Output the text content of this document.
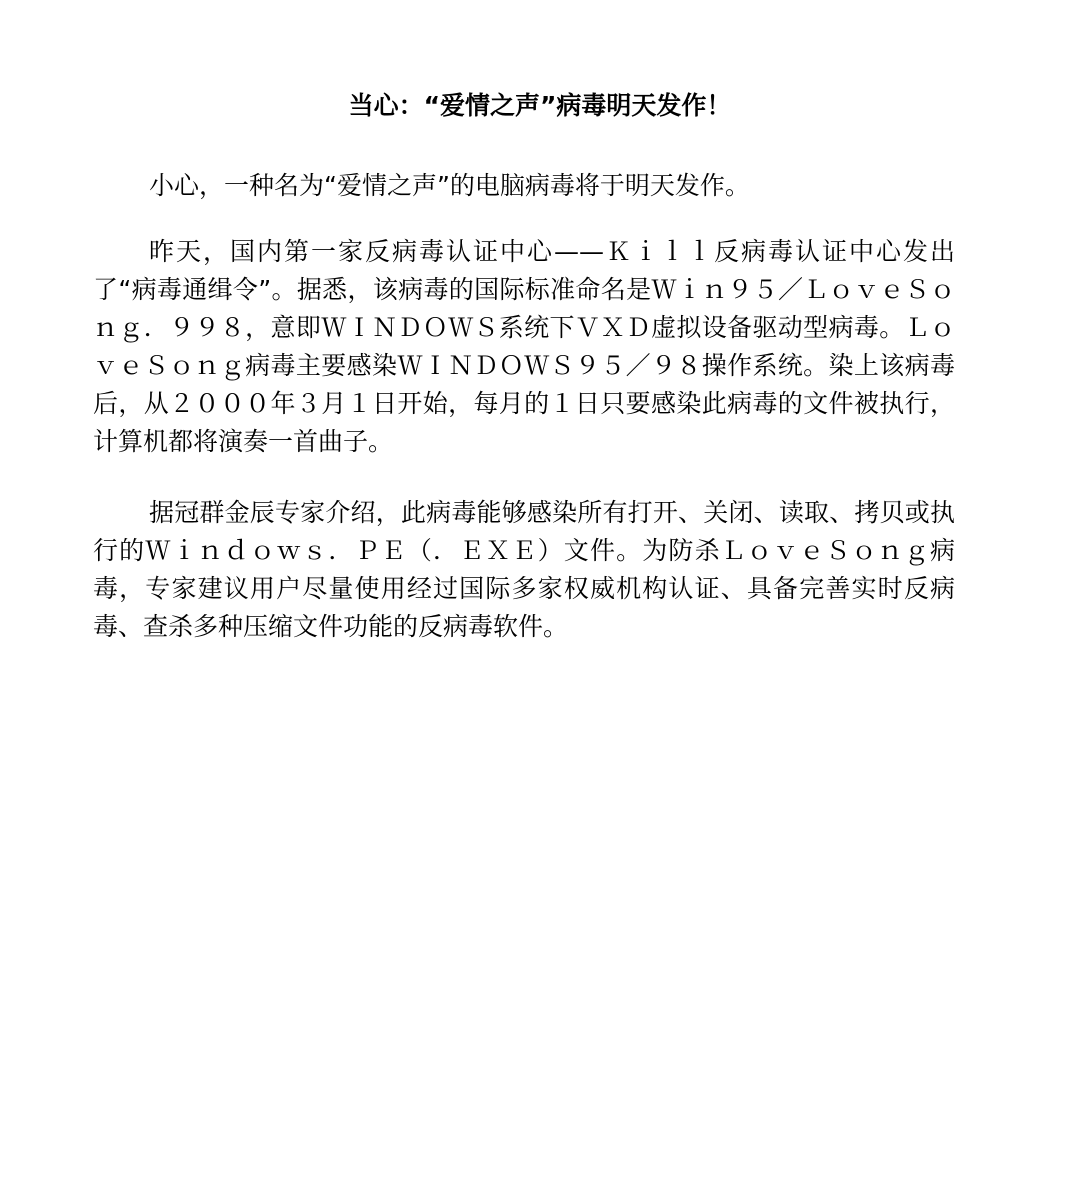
当心：“爱情之声”病毒明天发作！

小心，一种名为“爱情之声”的电脑病毒将于明天发作。

昨天，国内第一家反病毒认证中心——Ｋｉｌｌ反病毒认证中心发出了“病毒通缉令”。据悉，该病毒的国际标准命名是Ｗｉｎ９５／ＬｏｖｅＳｏｎｇ．９９８，意即ＷＩＮＤＯＷＳ系统下ＶＸＤ虚拟设备驱动型病毒。ＬｏｖｅＳｏｎｇ病毒主要感染ＷＩＮＤＯＷＳ９５／９８操作系统。染上该病毒后，从２０００年３月１日开始，每月的１日只要感染此病毒的文件被执行，计算机都将演奏一首曲子。

据冠群金辰专家介绍，此病毒能够感染所有打开、关闭、读取、拷贝或执行的Ｗｉｎｄｏｗｓ．ＰＥ（．ＥＸＥ）文件。为防杀ＬｏｖｅＳｏｎｇ病毒，专家建议用户尽量使用经过国际多家权威机构认证、具备完善实时反病毒、查杀多种压缩文件功能的反病毒软件。
